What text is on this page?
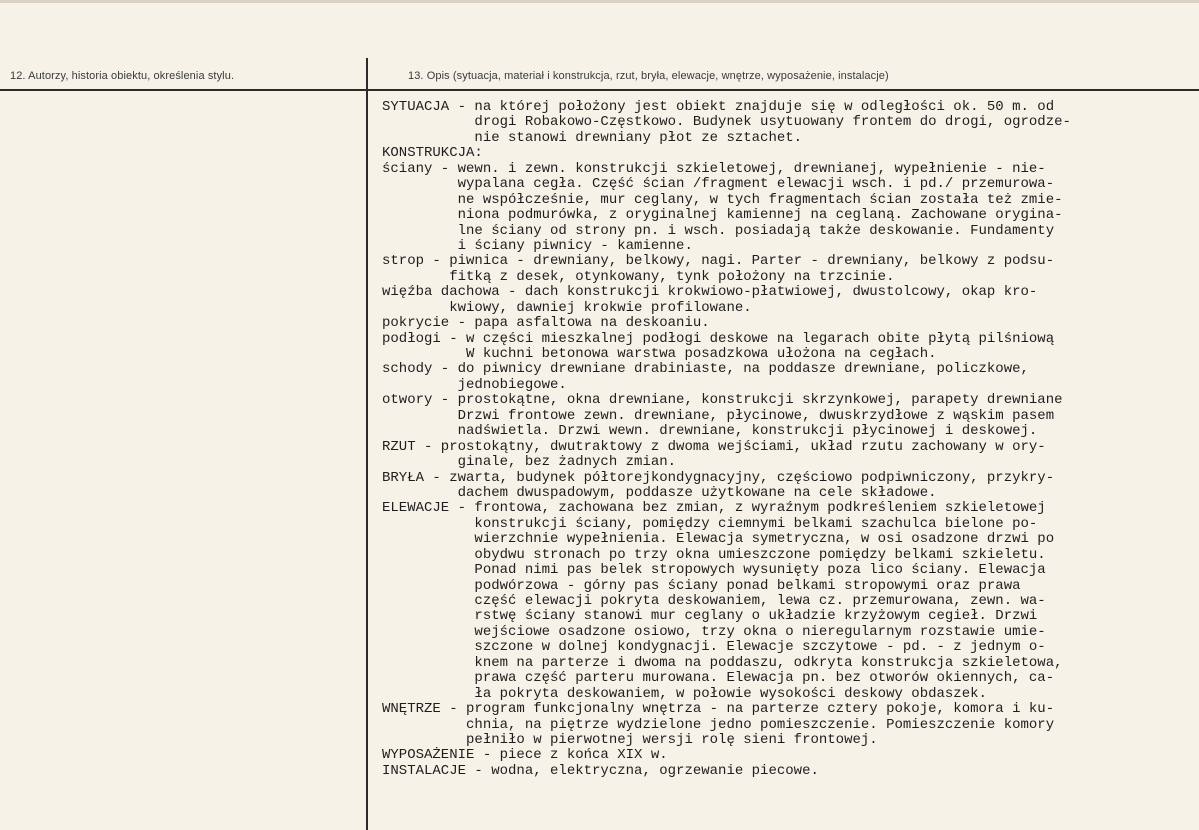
12. Autorzy, historia obiektu, określenia stylu.	13. Opis (sytuacja, materiał i konstrukcja, rzut, bryła, elewacje, wnętrze, wyposażenie, instalacje)
SYTUACJA - na której położony jest obiekt znajduje się w odległości ok. 50 m. od
drogi Robakowo-Częstkowo. Budynek usytuowany frontem do drogi, ogrodze-
nie stanowi drewniany płot ze sztachet.
KONSTRUKCJA:
ściany - wewn. i zewn. konstrukcji szkieletowej, drewnianej, wypełnienie - nie-
wypalana cegła. Część ścian /fragment elewacji wsch. i pd./ przemurowa-
ne współcześnie, mur ceglany, w tych fragmentach ścian została też zmie-
niona podmurówka, z oryginalnej kamiennej na ceglaną. Zachowane orygina-
lne ściany od strony pn. i wsch. posiadają także deskowanie. Fundamenty
i ściany piwnicy - kamienne.
strop - piwnica - drewniany, belkowy, nagi. Parter - drewniany, belkowy z podsu-
fitką z desek, otynkowany, tynk położony na trzcinie.
więźba dachowa - dach konstrukcji krokwiowo-płatwiowej, dwustolcowy, okap kro-
kwiowy, dawniej krokwie profilowane.
pokrycie - papa asfaltowa na deskoaniu.
podłogi - w części mieszkalnej podłogi deskowe na legarach obite płytą pilśniową
W kuchni betonowa warstwa posadzkowa ułożona na cegłach.
schody - do piwnicy drewniane drabiniaste, na poddasze drewniane, policzkowe,
jednobiegowe.
otwory - prostokątne, okna drewniane, konstrukcji skrzynkowej, parapety drewniane
Drzwi frontowe zewn. drewniane, płycinowe, dwuskrzydłowe z wąskim pasem
nadświetla. Drzwi wewn. drewniane, konstrukcji płycinowej i deskowej.
RZUT - prostokątny, dwutraktowy z dwoma wejściami, układ rzutu zachowany w ory-
ginale, bez żadnych zmian.
BRYŁA - zwarta, budynek półtorejkondygnacyjny, częściowo podpiwniczony, przykry-
dachem dwuspadowym, poddasze użytkowane na cele składowe.
ELEWACJE - frontowa, zachowana bez zmian, z wyraźnym podkreśleniem szkieletowej
konstrukcji ściany, pomiędzy ciemnymi belkami szachulca bielone po-
wierzchnie wypełnienia. Elewacja symetryczna, w osi osadzone drzwi po
obydwu stronach po trzy okna umieszczone pomiędzy belkami szkieletu.
Ponad nimi pas belek stropowych wysunięty poza lico ściany. Elewacja
podwórzowa - górny pas ściany ponad belkami stropowymi oraz prawa
część elewacji pokryta deskowaniem, lewa cz. przemurowana, zewn. wa-
rstwę ściany stanowi mur ceglany o układzie krzyżowym cegieł. Drzwi
wejściowe osadzone osiowo, trzy okna o nieregularnym rozstawie umie-
szczone w dolnej kondygnacji. Elewacje szczytowe - pd. - z jednym o-
knem na parterze i dwoma na poddaszu, odkryta konstrukcja szkieletowa,
prawa część parteru murowana. Elewacja pn. bez otworów okiennych, ca-
ła pokryta deskowaniem, w połowie wysokości deskowy obdaszek.
WNĘTRZE - program funkcjonalny wnętrza - na parterze cztery pokoje, komora i ku-
chnia, na piętrze wydzielone jedno pomieszczenie. Pomieszczenie komory
pełniło w pierwotnej wersji rolę sieni frontowej.
WYPOSAŻENIE - piece z końca XIX w.
INSTALACJE - wodna, elektryczna, ogrzewanie piecowe.
